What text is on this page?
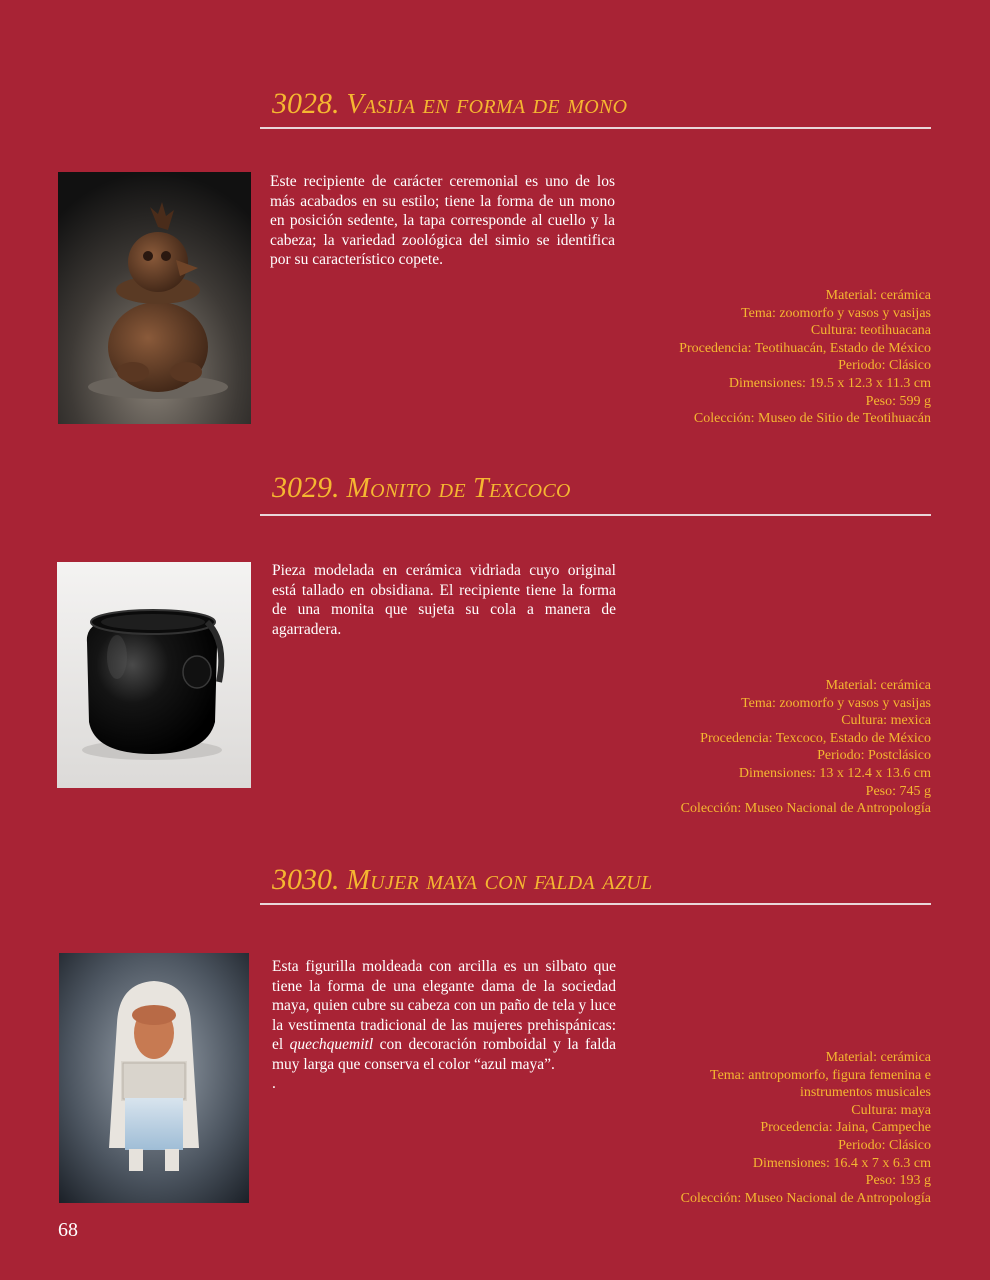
3028. Vasija en forma de mono

Este recipiente de carácter ceremonial es uno de los más acabados en su estilo; tiene la forma de un mono en posición sedente, la tapa corresponde al cuello y la cabeza; la variedad zoológica del simio se identifica por su característico copete.

Material: cerámica
Tema: zoomorfo y vasos y vasijas
Cultura: teotihuacana
Procedencia: Teotihuacán, Estado de México
Periodo: Clásico
Dimensiones: 19.5 x 12.3 x 11.3 cm
Peso: 599 g
Colección: Museo de Sitio de Teotihuacán
3029. Monito de Texcoco

Pieza modelada en cerámica vidriada cuyo original está tallado en obsidiana. El recipiente tiene la forma de una monita que sujeta su cola a manera de agarradera.

Material: cerámica
Tema: zoomorfo y vasos y vasijas
Cultura: mexica
Procedencia: Texcoco, Estado de México
Periodo: Postclásico
Dimensiones: 13 x 12.4 x 13.6 cm
Peso: 745 g
Colección: Museo Nacional de Antropología
3030. Mujer maya con falda azul

Esta figurilla moldeada con arcilla es un silbato que tiene la forma de una elegante dama de la sociedad maya, quien cubre su cabeza con un paño de tela y luce la vestimenta tradicional de las mujeres prehispánicas: el quechquemitl con decoración romboidal y la falda muy larga que conserva el color “azul maya”.

.

Material: cerámica
Tema: antropomorfo, figura femenina e instrumentos musicales
Cultura: maya
Procedencia: Jaina, Campeche
Periodo: Clásico
Dimensiones: 16.4 x 7 x 6.3 cm
Peso: 193 g
Colección: Museo Nacional de Antropología
68
